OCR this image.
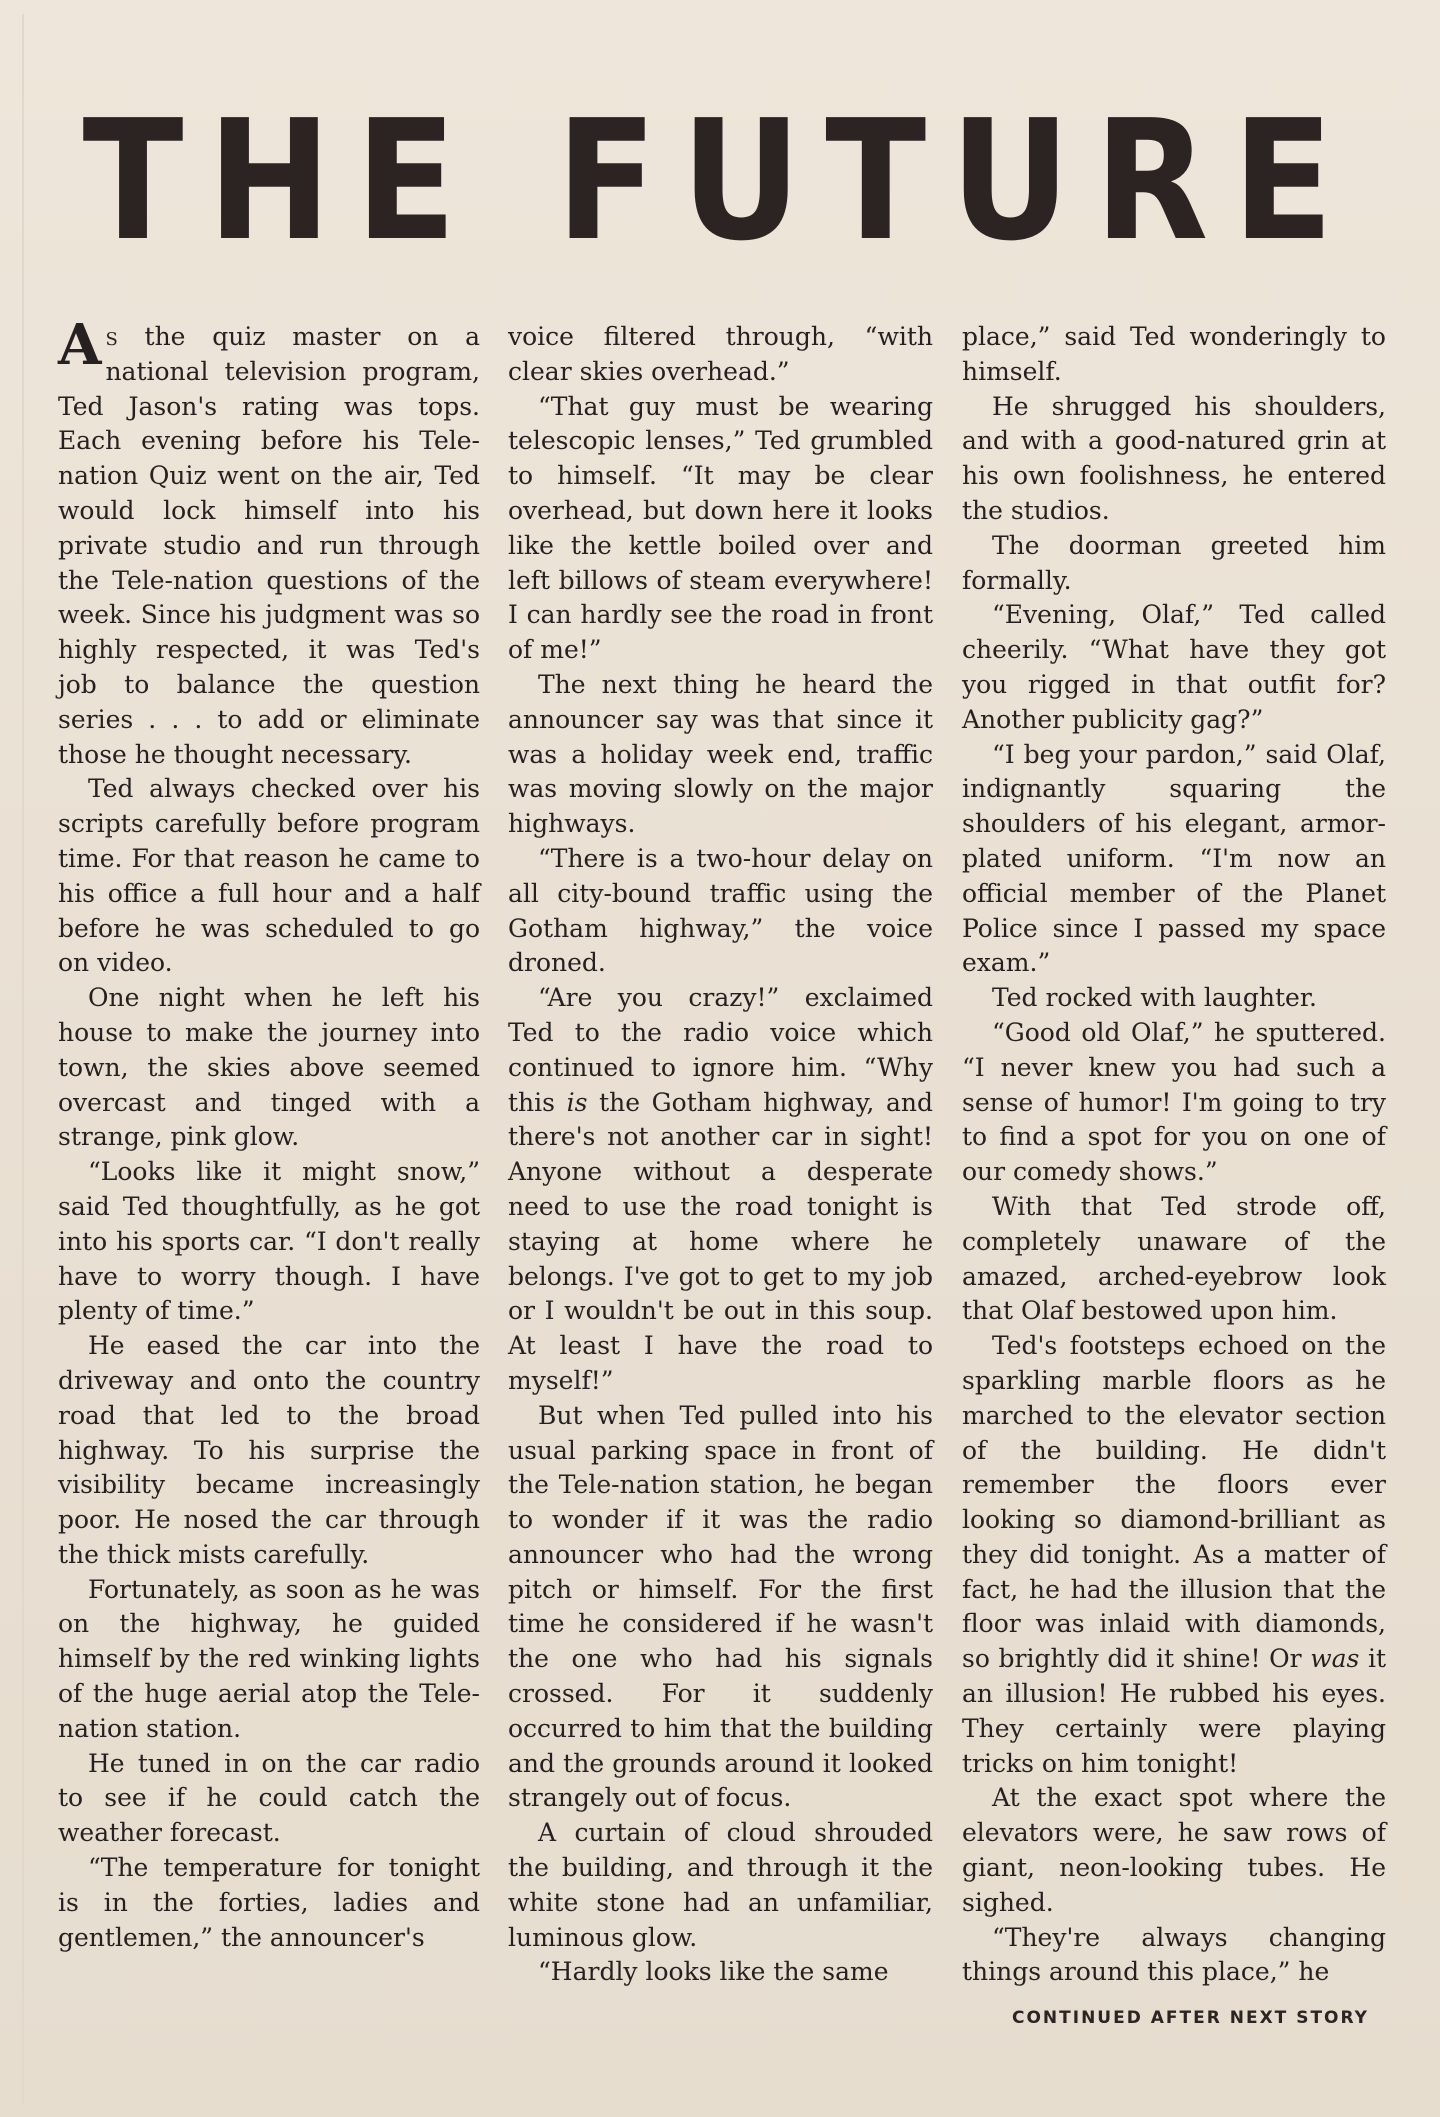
THE FUTURE

As the quiz master on a national television program, Ted Jason's rating was tops. Each evening before his Tele-nation Quiz went on the air, Ted would lock himself into his private studio and run through the Tele-nation questions of the week. Since his judgment was so highly respected, it was Ted's job to balance the question series . . . to add or eliminate those he thought necessary.

Ted always checked over his scripts carefully before program time. For that reason he came to his office a full hour and a half before he was scheduled to go on video.

One night when he left his house to make the journey into town, the skies above seemed overcast and tinged with a strange, pink glow.

“Looks like it might snow,” said Ted thoughtfully, as he got into his sports car. “I don't really have to worry though. I have plenty of time.”

He eased the car into the driveway and onto the country road that led to the broad highway. To his surprise the visibility became increasingly poor. He nosed the car through the thick mists carefully.

Fortunately, as soon as he was on the highway, he guided himself by the red winking lights of the huge aerial atop the Tele-nation station.

He tuned in on the car radio to see if he could catch the weather forecast.

“The temperature for tonight is in the forties, ladies and gentlemen,” the announcer's

voice filtered through, “with clear skies overhead.”

“That guy must be wearing telescopic lenses,” Ted grumbled to himself. “It may be clear overhead, but down here it looks like the kettle boiled over and left billows of steam everywhere! I can hardly see the road in front of me!”

The next thing he heard the announcer say was that since it was a holiday week end, traffic was moving slowly on the major highways.

“There is a two-hour delay on all city-bound traffic using the Gotham highway,” the voice droned.

“Are you crazy!” exclaimed Ted to the radio voice which continued to ignore him. “Why this is the Gotham highway, and there's not another car in sight! Anyone without a desperate need to use the road tonight is staying at home where he belongs. I've got to get to my job or I wouldn't be out in this soup. At least I have the road to myself!”

But when Ted pulled into his usual parking space in front of the Tele-nation station, he began to wonder if it was the radio announcer who had the wrong pitch or himself. For the first time he considered if he wasn't the one who had his signals crossed. For it suddenly occurred to him that the building and the grounds around it looked strangely out of focus.

A curtain of cloud shrouded the building, and through it the white stone had an unfamiliar, luminous glow.

“Hardly looks like the same

place,” said Ted wonderingly to himself.

He shrugged his shoulders, and with a good-natured grin at his own foolishness, he entered the studios.

The doorman greeted him formally.

“Evening, Olaf,” Ted called cheerily. “What have they got you rigged in that outfit for? Another publicity gag?”

“I beg your pardon,” said Olaf, indignantly squaring the shoulders of his elegant, armor-plated uniform. “I'm now an official member of the Planet Police since I passed my space exam.”

Ted rocked with laughter.

“Good old Olaf,” he sputtered. “I never knew you had such a sense of humor! I'm going to try to find a spot for you on one of our comedy shows.”

With that Ted strode off, completely unaware of the amazed, arched-eyebrow look that Olaf bestowed upon him.

Ted's footsteps echoed on the sparkling marble floors as he marched to the elevator section of the building. He didn't remember the floors ever looking so diamond-brilliant as they did tonight. As a matter of fact, he had the illusion that the floor was inlaid with diamonds, so brightly did it shine! Or was it an illusion! He rubbed his eyes. They certainly were playing tricks on him tonight!

At the exact spot where the elevators were, he saw rows of giant, neon-looking tubes. He sighed.

“They're always changing things around this place,” he

CONTINUED AFTER NEXT STORY
